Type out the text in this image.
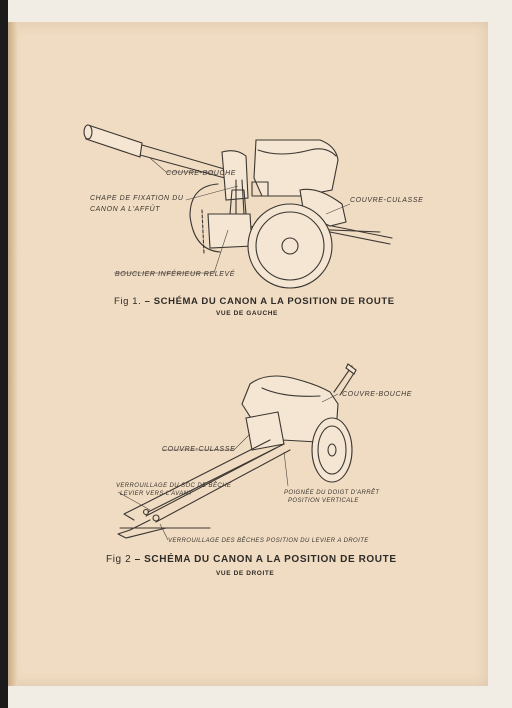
COUVRE-BOUCHE
CHAPE DE FIXATION DU
CANON A L'AFFÛT
COUVRE-CULASSE
BOUCLIER INFÉRIEUR RELEVÉ
COUVRE-BOUCHE
COUVRE-CULASSE
VERROUILLAGE DU SOC DE BÊCHE
LEVIER VERS L'AVANT	POIGNÉE DU DOIGT D'ARRÊT
POSITION VERTICALE
VERROUILLAGE DES BÊCHES POSITION DU LEVIER A DROITE
Fig 1. – SCHÉMA DU CANON A LA POSITION DE ROUTE
VUE DE GAUCHE
Fig 2 – SCHÉMA DU CANON A LA POSITION DE ROUTE
VUE DE DROITE
